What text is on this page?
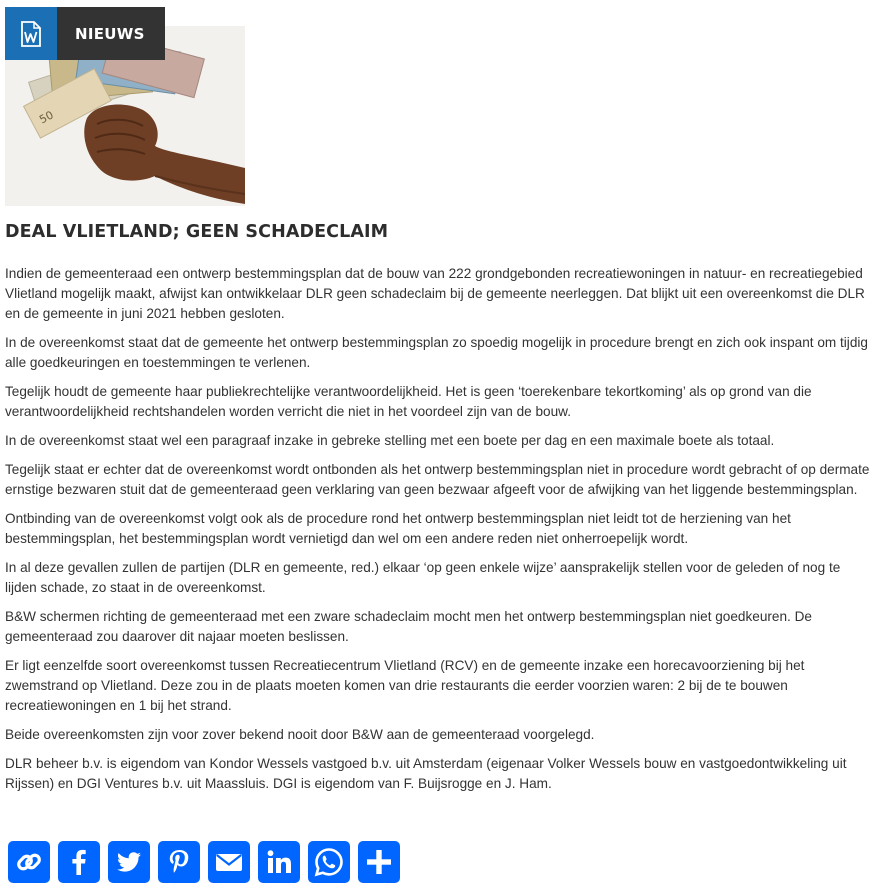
50
NIEUWS
DEAL VLIETLAND; GEEN SCHADECLAIM

Indien de gemeenteraad een ontwerp bestemmingsplan dat de bouw van 222 grondgebonden recreatiewoningen in natuur- en recreatiegebied Vlietland mogelijk maakt, afwijst kan ontwikkelaar DLR geen schadeclaim bij de gemeente neerleggen. Dat blijkt uit een overeenkomst die DLR en de gemeente in juni 2021 hebben gesloten.

In de overeenkomst staat dat de gemeente het ontwerp bestemmingsplan zo spoedig mogelijk in procedure brengt en zich ook inspant om tijdig alle goedkeuringen en toestemmingen te verlenen.

Tegelijk houdt de gemeente haar publiekrechtelijke verantwoordelijkheid. Het is geen ‘toerekenbare tekortkoming’ als op grond van die verantwoordelijkheid rechtshandelen worden verricht die niet in het voordeel zijn van de bouw.

In de overeenkomst staat wel een paragraaf inzake in gebreke stelling met een boete per dag en een maximale boete als totaal.

Tegelijk staat er echter dat de overeenkomst wordt ontbonden als het ontwerp bestemmingsplan niet in procedure wordt gebracht of op dermate ernstige bezwaren stuit dat de gemeenteraad geen verklaring van geen bezwaar afgeeft voor de afwijking van het liggende bestemmingsplan.

Ontbinding van de overeenkomst volgt ook als de procedure rond het ontwerp bestemmingsplan niet leidt tot de herziening van het bestemmingsplan, het bestemmingsplan wordt vernietigd dan wel om een andere reden niet onherroepelijk wordt.

In al deze gevallen zullen de partijen (DLR en gemeente, red.) elkaar ‘op geen enkele wijze’ aansprakelijk stellen voor de geleden of nog te lijden schade, zo staat in de overeenkomst.

B&W schermen richting de gemeenteraad met een zware schadeclaim mocht men het ontwerp bestemmingsplan niet goedkeuren. De gemeenteraad zou daarover dit najaar moeten beslissen.

Er ligt eenzelfde soort overeenkomst tussen Recreatiecentrum Vlietland (RCV) en de gemeente inzake een horecavoorziening bij het zwemstrand op Vlietland. Deze zou in de plaats moeten komen van drie restaurants die eerder voorzien waren: 2 bij de te bouwen recreatiewoningen en 1 bij het strand.

Beide overeenkomsten zijn voor zover bekend nooit door B&W aan de gemeenteraad voorgelegd.

DLR beheer b.v. is eigendom van Kondor Wessels vastgoed b.v. uit Amsterdam (eigenaar Volker Wessels bouw en vastgoedontwikkeling uit Rijssen) en DGI Ventures b.v. uit Maassluis. DGI is eigendom van F. Buijsrogge en J. Ham.
